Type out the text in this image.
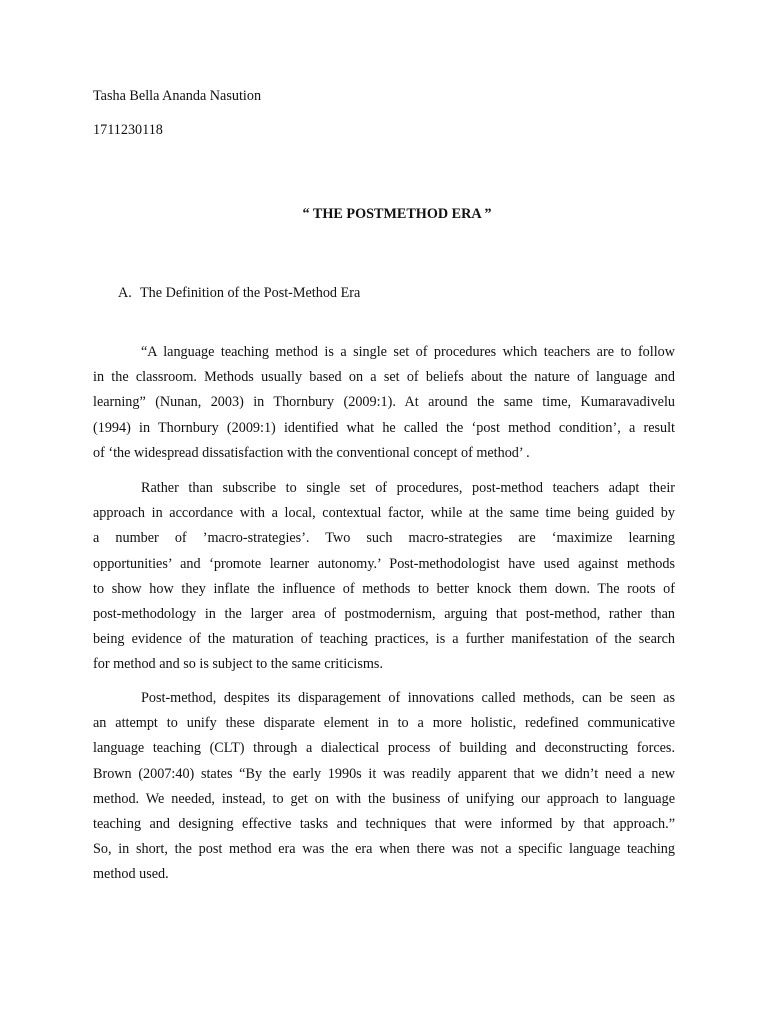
Tasha Bella Ananda Nasution
1711230118
“ THE POSTMETHOD ERA ”
A. The Definition of the Post-Method Era
“A language teaching method is a single set of procedures which teachers are to follow
in the classroom. Methods usually based on a set of beliefs about the nature of language and
learning” (Nunan, 2003) in Thornbury (2009:1). At around the same time, Kumaravadivelu
(1994) in Thornbury (2009:1) identified what he called the ‘post method condition’, a result
of ‘the widespread dissatisfaction with the conventional concept of method’ .
Rather than subscribe to single set of procedures, post-method teachers adapt their
approach in accordance with a local, contextual factor, while at the same time being guided by
a number of ’macro-strategies’. Two such macro-strategies are ‘maximize learning
opportunities’ and ‘promote learner autonomy.’ Post-methodologist have used against methods
to show how they inflate the influence of methods to better knock them down. The roots of
post-methodology in the larger area of postmodernism, arguing that post-method, rather than
being evidence of the maturation of teaching practices, is a further manifestation of the search
for method and so is subject to the same criticisms.
Post-method, despites its disparagement of innovations called methods, can be seen as
an attempt to unify these disparate element in to a more holistic, redefined communicative
language teaching (CLT) through a dialectical process of building and deconstructing forces.
Brown (2007:40) states “By the early 1990s it was readily apparent that we didn’t need a new
method. We needed, instead, to get on with the business of unifying our approach to language
teaching and designing effective tasks and techniques that were informed by that approach.”
So, in short, the post method era was the era when there was not a specific language teaching
method used.
